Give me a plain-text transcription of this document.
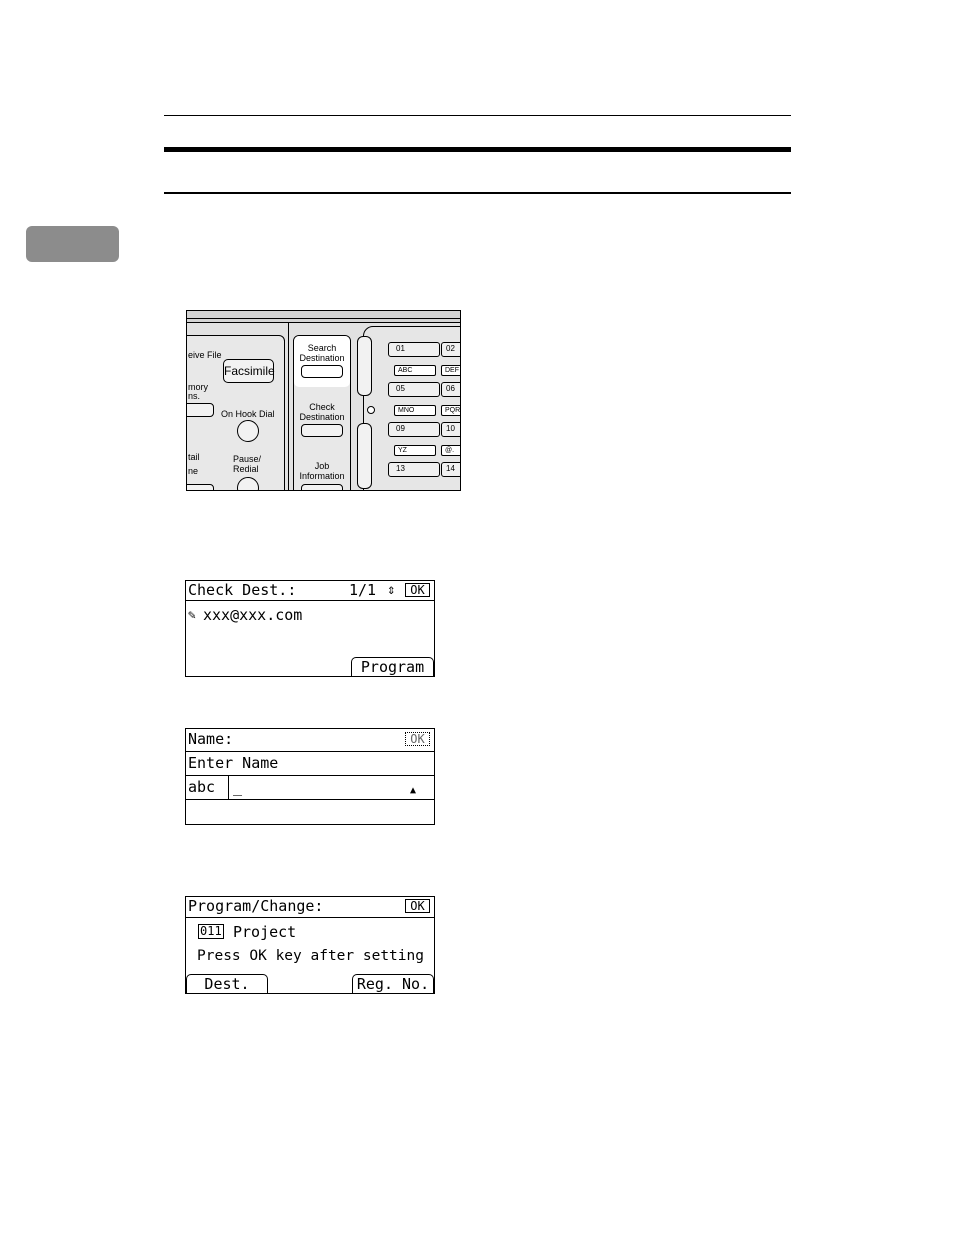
eive File
mory
ns.
tail
ne
Facsimile
On Hook Dial
Pause/
Redial
Search
Destination
Check
Destination
Job
Information
01	02
ABC	DEF
05	06
MNO	PQR
09	10
YZ	@.
13	14
Check Dest.:	1/1 ⇕	OK
✎ xxx@xxx.com
Program
Name:	OK
Enter Name
abc _	▲
Program/Change:	OK
011 Project
Press OK key after setting
Dest.	Reg. No.
